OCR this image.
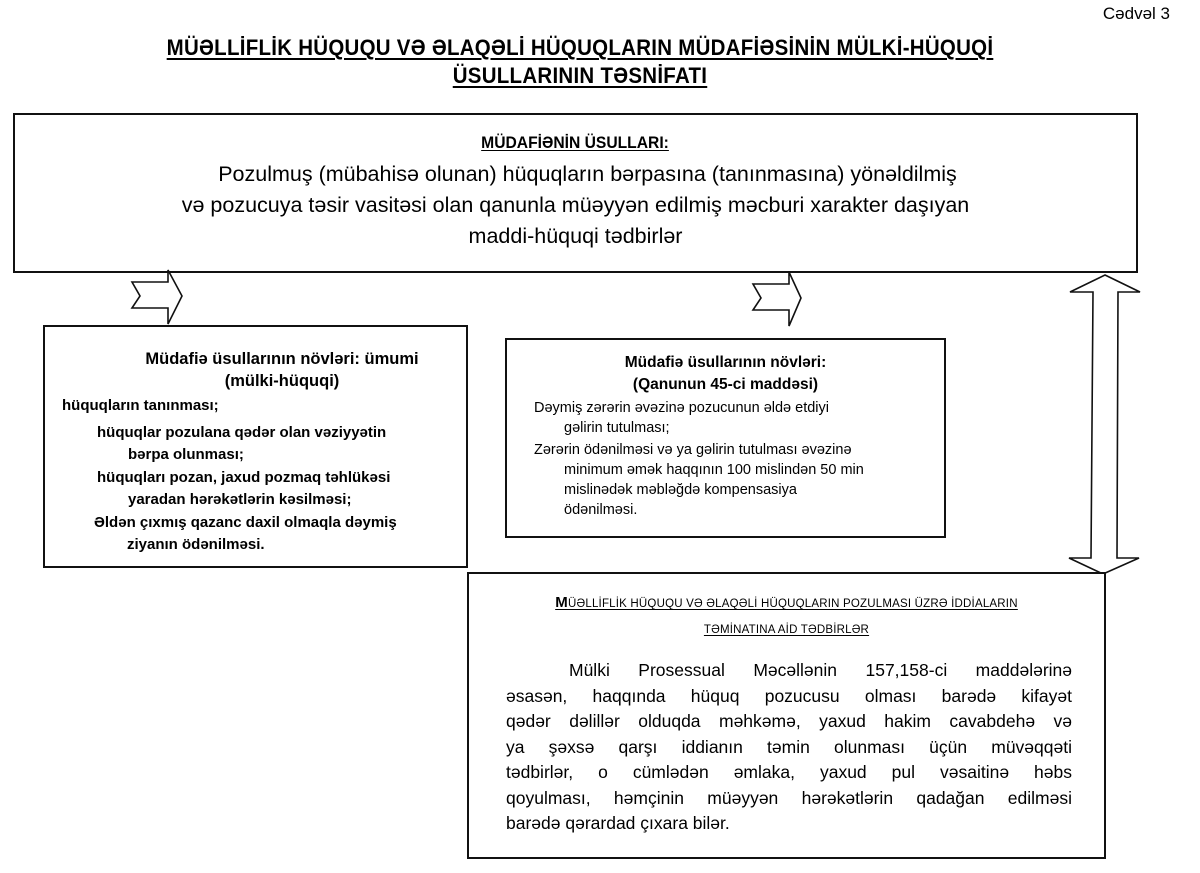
Cədvəl 3
MÜƏLLİFLİK HÜQUQU VƏ ƏLAQƏLİ HÜQUQLARIN MÜDAFİƏSİNİN MÜLKİ-HÜQUQİ
ÜSULLARININ TƏSNİFATI
MÜDAFİƏNİN ÜSULLARI:
Pozulmuş (mübahisə olunan) hüquqların bərpasına (tanınmasına) yönəldilmiş
və pozucuya təsir vasitəsi olan qanunla müəyyən edilmiş məcburi xarakter daşıyan
maddi-hüquqi tədbirlər
Müdafiə üsullarının növləri: ümumi
(mülki-hüquqi)
hüquqların tanınması;
hüquqlar pozulana qədər olan vəziyyətin
bərpa olunması;
hüquqları pozan, jaxud pozmaq təhlükəsi
yaradan hərəkətlərin kəsilməsi;
Əldən çıxmış qazanc daxil olmaqla dəymiş
ziyanın ödənilməsi.
Müdafiə üsullarının növləri:
(Qanunun 45-ci maddəsi)
Dəymiş zərərin əvəzinə pozucunun əldə etdiyi
gəlirin tutulması;
Zərərin ödənilməsi və ya gəlirin tutulması əvəzinə
minimum əmək haqqının 100 mislindən 50 min
mislinədək məbləğdə kompensasiya
ödənilməsi.
MÜƏLLİFLİK HÜQUQU VƏ ƏLAQƏLİ HÜQUQLARIN POZULMASI ÜZRƏ İDDİALARIN
TƏMİNATINA AİD TƏDBİRLƏR
Mülki Prosessual Məcəllənin 157,158-ci maddələrinə
əsasən, haqqında hüquq pozucusu olması barədə kifayət
qədər dəlillər olduqda məhkəmə, yaxud hakim cavabdehə və
ya şəxsə qarşı iddianın təmin olunması üçün müvəqqəti
tədbirlər, o cümlədən əmlaka, yaxud pul vəsaitinə həbs
qoyulması, həmçinin müəyyən hərəkətlərin qadağan edilməsi
barədə qərardad çıxara bilər.
